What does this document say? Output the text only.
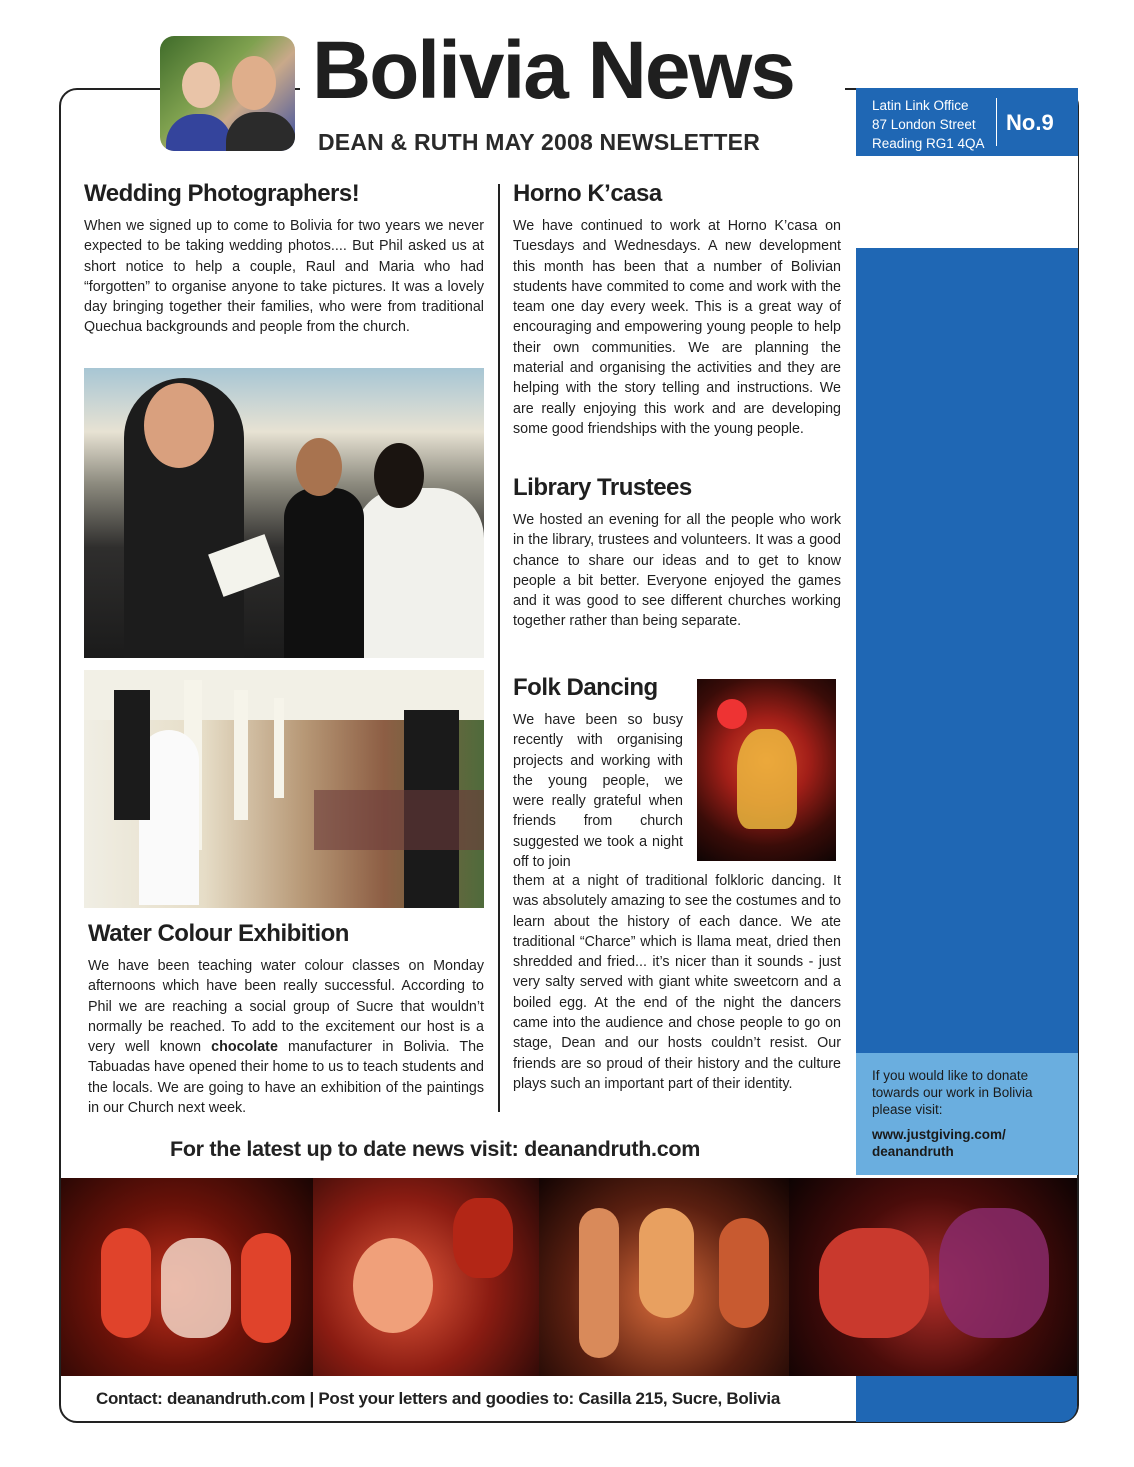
Bolivia News
DEAN & RUTH MAY 2008 NEWSLETTER
Latin Link Office
87 London Street
Reading RG1 4QA
No.9

If you would like to donate towards our work in Bolivia please visit:

www.justgiving.com/ deanandruth

•
•
•
•
Wedding Photographers!
When we signed up to come to Bolivia for two years we never expected to be taking wedding photos.... But Phil asked us at short notice to help a couple, Raul and Maria who had “forgotten” to organise anyone to take pictures. It was a lovely day bringing together their families, who were from traditional Quechua backgrounds and people from the church.
Water Colour Exhibition
We have been teaching water colour classes on Monday afternoons which have been really successful. According to Phil we are reaching a social group of Sucre that wouldn’t normally be reached. To add to the excitement our host is a very well known chocolate manufacturer in Bolivia. The Tabuadas have opened their home to us to teach students and the locals. We are going to have an exhibition of the paintings in our Church next week.
Horno K’casa
We have continued to work at Horno K’casa on Tuesdays and Wednesdays. A new development this month has been that a number of Bolivian students have commited to come and work with the team one day every week. This is a great way of encouraging and empowering young people to help their own communities. We are planning the material and organising the activities and they are helping with the story telling and instructions. We are really enjoying this work and are developing some good friendships with the young people.
Library Trustees
We hosted an evening for all the people who work in the library, trustees and volunteers. It was a good chance to share our ideas and to get to know people a bit better. Everyone enjoyed the games and it was good to see different churches working together rather than being separate.
Folk Dancing
We have been so busy recently with organising projects and working with the young people, we were really grateful when friends from church suggested we took a night off to join
them at a night of traditional folkloric dancing. It was absolutely amazing to see the costumes and to learn about the history of each dance. We ate traditional “Charce” which is llama meat, dried then shredded and fried... it’s nicer than it sounds - just very salty served with giant white sweetcorn and a boiled egg. At the end of the night the dancers came into the audience and chose people to go on stage, Dean and our hosts couldn’t resist. Our friends are so proud of their history and the culture plays such an important part of their identity.
For the latest up to date news visit: deanandruth.com
Contact: deanandruth.com | Post your letters and goodies to: Casilla 215, Sucre, Bolivia
